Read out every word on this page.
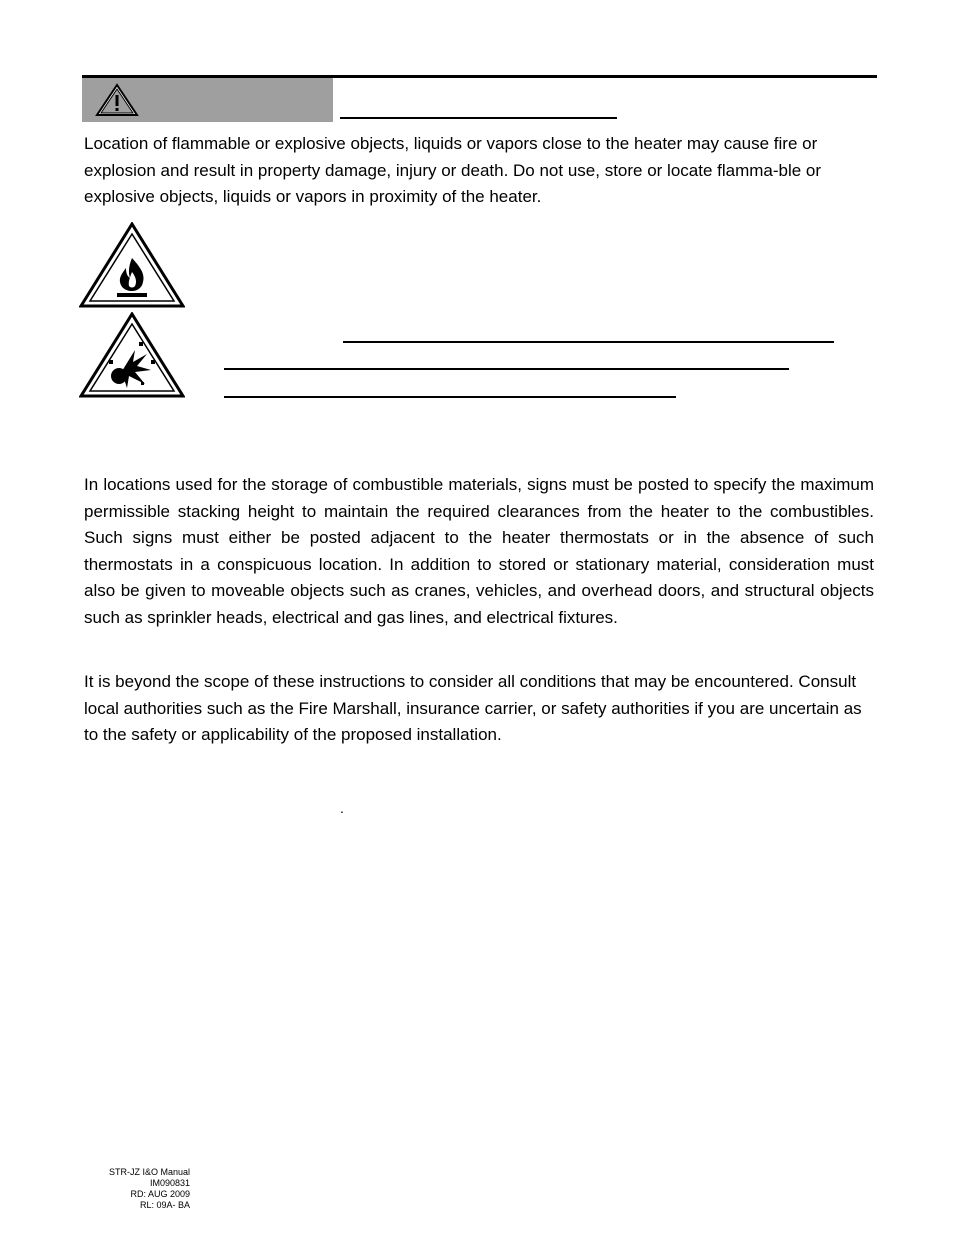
Location of flammable or explosive objects, liquids or vapors close to the heater may cause fire or explosion and result in property damage, injury or death. Do not use, store or locate flamma-ble or explosive objects, liquids or vapors in proximity of the heater.

In locations used for the storage of combustible materials, signs must be posted to specify the maximum permissible stacking height to maintain the required clearances from the heater to the combustibles. Such signs must either be posted adjacent to the heater thermostats or in the absence of such thermostats in a conspicuous location. In addition to stored or stationary material, consideration must also be given to moveable objects such as cranes, vehicles, and overhead doors, and structural objects such as sprinkler heads, electrical and gas lines, and electrical fixtures.

It is beyond the scope of these instructions to consider all conditions that may be encountered. Consult local authorities such as the Fire Marshall, insurance carrier, or safety authorities if you are uncertain as to the safety or applicability of the proposed installation.

.
STR-JZ I&O Manual
IM090831
RD: AUG 2009
RL: 09A- BA
